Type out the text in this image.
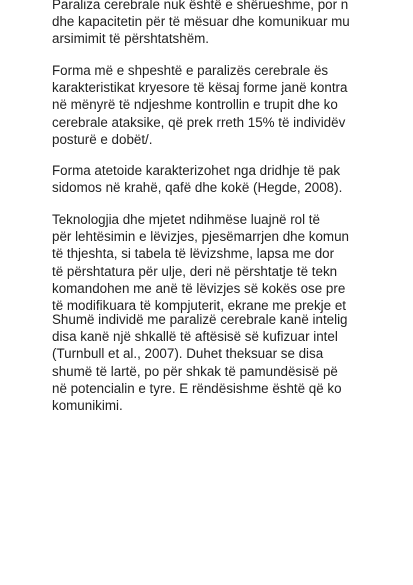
Paraliza cerebrale nuk është e shërueshme, por n
dhe kapacitetin për të mësuar dhe komunikuar mu
arsimimit të përshtatshëm.

Forma më e shpeshtë e paralizës cerebrale ës
karakteristikat kryesore të kësaj forme janë kontra
në mënyrë të ndjeshme kontrollin e trupit dhe ko
cerebrale ataksike, që prek rreth 15% të individëv
posturë e dobët/.

Forma atetoide karakterizohet nga dridhje të pak
sidomos në krahë, qafë dhe kokë (Hegde, 2008).

Teknologjia dhe mjetet ndihmëse luajnë rol të
për lehtësimin e lëvizjes, pjesëmarrjen dhe komun
të thjeshta, si tabela të lëvizshme, lapsa me dor
të përshtatura për ulje, deri në përshtatje të tekn
komandohen me anë të lëvizjes së kokës ose pre
të modifikuara të kompjuterit, ekrane me prekje et

Shumë individë me paralizë cerebrale kanë intelig
disa kanë një shkallë të aftësisë së kufizuar intel
(Turnbull et al., 2007). Duhet theksuar se disa
shumë të lartë, po për shkak të pamundësisë pë
në potencialin e tyre. E rëndësishme është që ko
komunikimi.
